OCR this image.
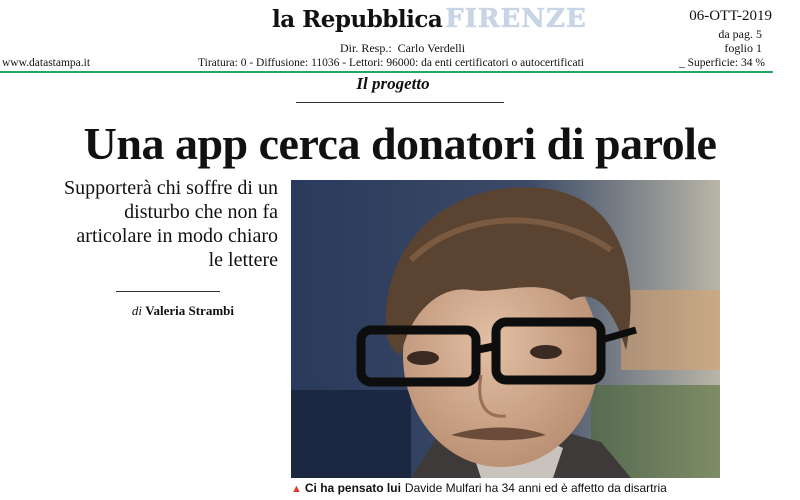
la Repubblica FIRENZE	06-OTT-2019
da pag. 5
foglio 1
Dir. Resp.:  Carlo Verdelli
www.datastampa.it	Tiratura: 0 - Diffusione: 11036 - Lettori: 96000: da enti certificatori o autocertificati	_ Superficie: 34 %
Il progetto
Una app cerca donatori di parole
Supporterà chi soffre di un disturbo che non fa articolare in modo chiaro le lettere
di Valeria Strambi
▲ Ci ha pensato lui Davide Mulfari ha 34 anni ed è affetto da disartria
